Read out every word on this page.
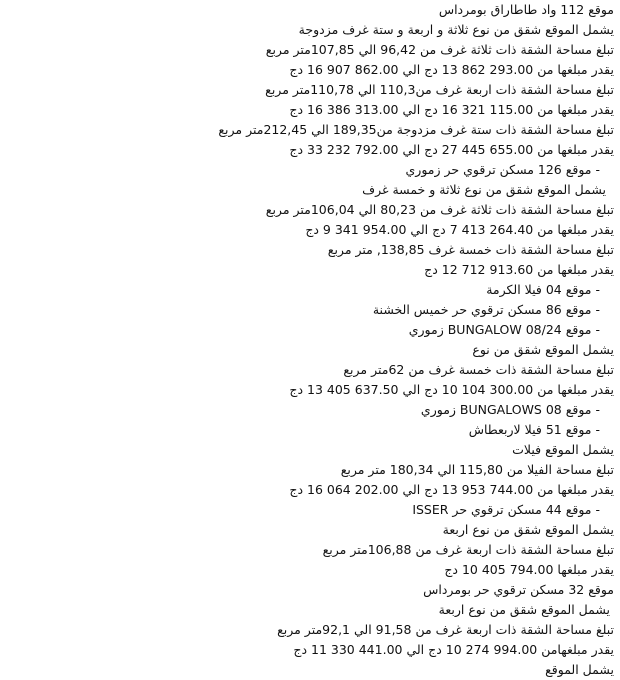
موقع 112 واد طاطاراق بومرداس
يشمل الموقع شقق من نوع ثلاثة و اربعة و ستة غرف مزدوجة
تبلغ مساحة الشقة ذات ثلاثة غرف من 96,42 الي 107,85متر مربع
يقدر مبلغها من 293.00 862 13 دج الي 862.00 907 16 دج
تبلغ مساحة الشقة ذات اربعة غرف من110,3 الي 110,78متر مربع
يقدر مبلغها من 115.00 321 16 دج الي 313.00 386 16 دج
تبلغ مساحة الشقة ذات ستة غرف مزدوجة من189,35 الي 212,45متر مربع
يقدر مبلغها من 655.00 445 27 دج الي 792.00 232 33 دج
- موقع 126 مسكن ترقوي حر زموري
يشمل الموقع شقق من نوع ثلاثة و خمسة غرف
تبلغ مساحة الشقة ذات ثلاثة غرف من 80,23 الي 106,04متر مربع
يقدر مبلغها من 264.40 413 7 دج الي 954.00 341 9 دج
تبلغ مساحة الشقة ذات خمسة غرف 138,85, متر مربع
يقدر مبلغها من 913.60 712 12 دج
- موقع 04 فيلا الكرمة
- موقع 86 مسكن ترقوي حر خميس الخشنة
- موقع BUNGALOW 08/24 زموري
يشمل الموقع شقق من نوع
تبلغ مساحة الشقة ذات خمسة غرف من 62متر مربع
يقدر مبلغها من 300.00 104 10 دج الي 637.50 405 13 دج
- موقع BUNGALOWS 08 زموري
- موقع 51 فيلا لاربعطاش
يشمل الموقع فيلات
تبلغ مساحة الفيلا من 115,80 الي 180,34 متر مربع
يقدر مبلغها من 744.00 953 13 دج الي 202.00 064 16 دج
- موقع 44 مسكن ترقوي حر ISSER
يشمل الموقع شقق من نوع اربعة
تبلغ مساحة الشقة ذات اربعة غرف من 106,88متر مربع
يقدر مبلغها 794.00 405 10 دج
موقع 32 مسكن ترقوي حر بومرداس
يشمل الموقع شقق من نوع اربعة
تبلغ مساحة الشقة ذات اربعة غرف من 91,58 الي 92,1متر مربع
يقدر مبلغهامن 994.00 274 10 دج الي 441.00 330 11 دج
يشمل الموقع
